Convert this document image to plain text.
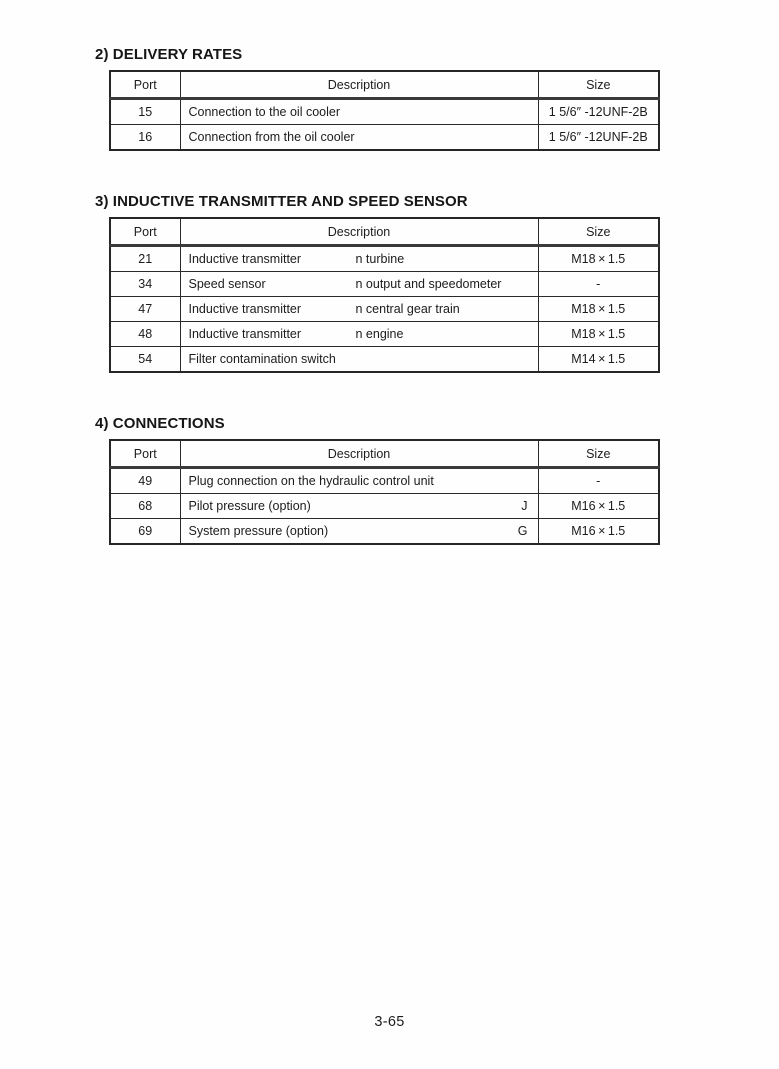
2) DELIVERY RATES
Port	Description	Size
15	Connection to the oil cooler	1 5/6″ -12UNF-2B
16	Connection from the oil cooler	1 5/6″ -12UNF-2B
3) INDUCTIVE TRANSMITTER AND SPEED SENSOR
Port	Description	Size
21	Inductive transmitter n turbine	M18 × 1.5
34	Speed sensor n output and speedometer	-
47	Inductive transmitter n central gear train	M18 × 1.5
48	Inductive transmitter n engine	M18 × 1.5
54	Filter contamination switch	M14 × 1.5
4) CONNECTIONS
Port	Description	Size
49	Plug connection on the hydraulic control unit	-
68	Pilot pressure (option) J	M16 × 1.5
69	System pressure (option) G	M16 × 1.5
3-65
